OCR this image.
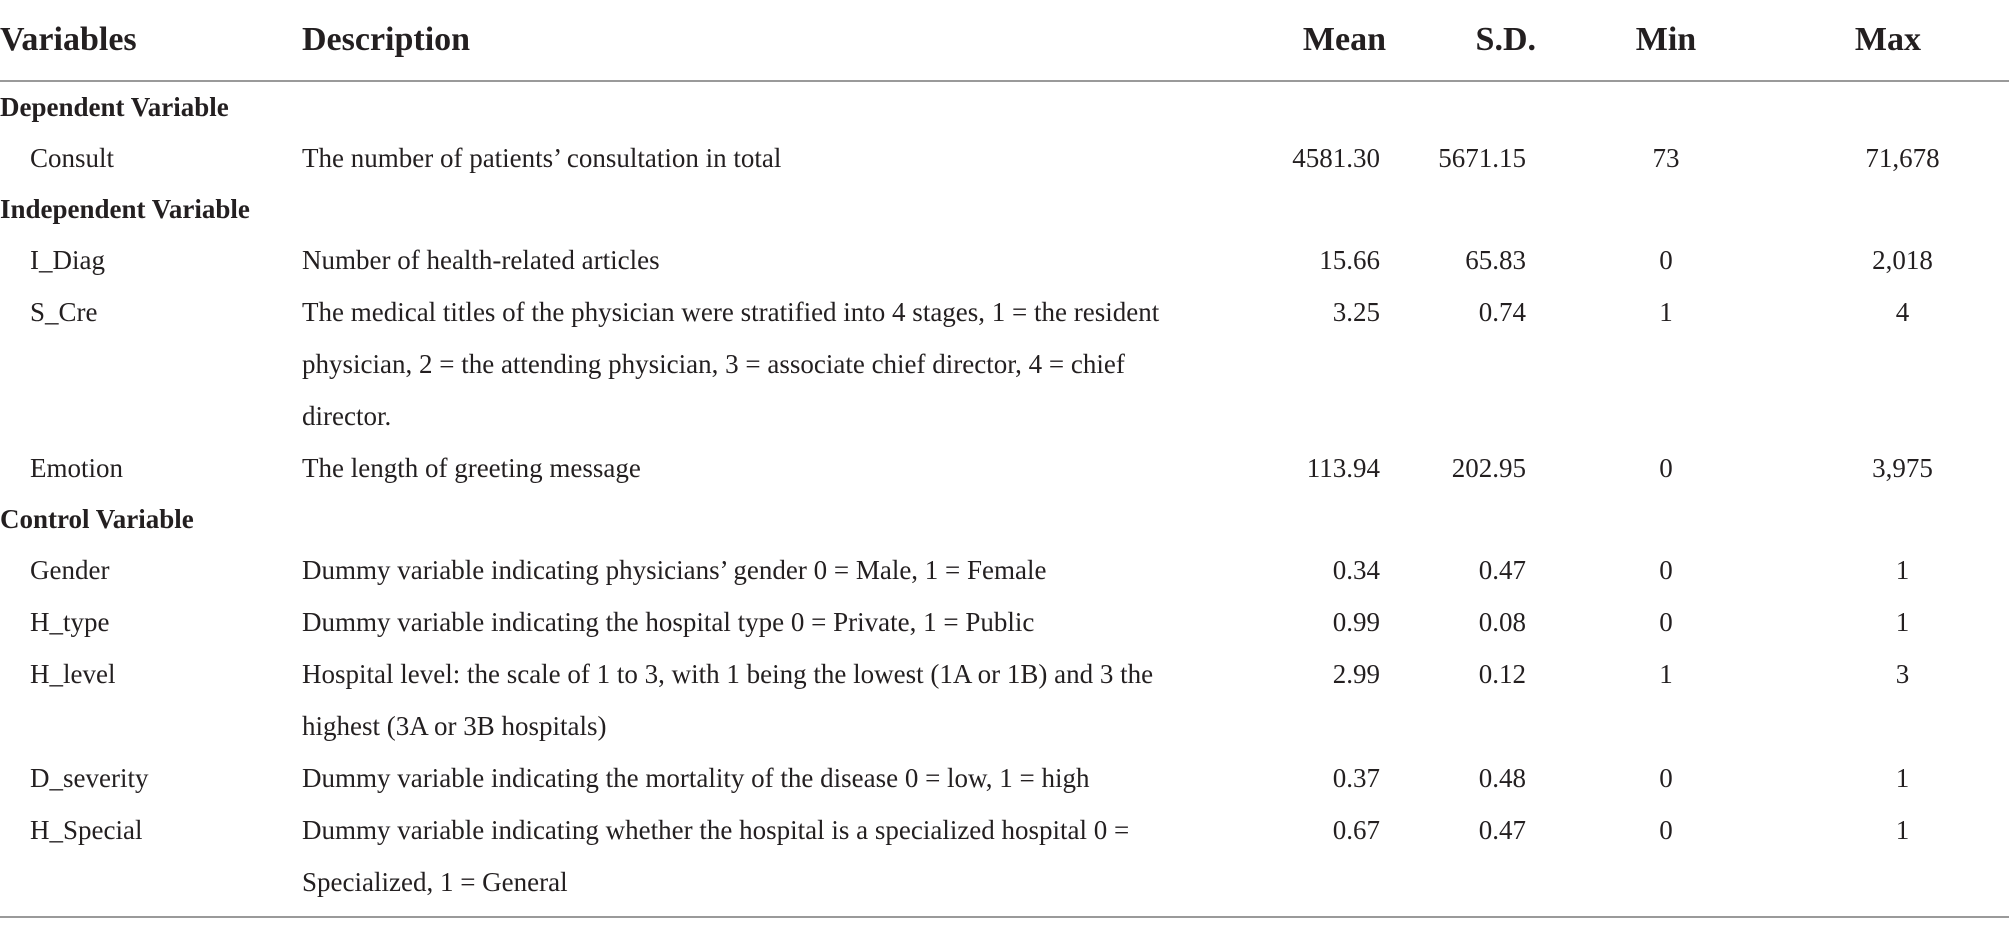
Variables	Description	Mean	S.D.	Min	Max
Dependent Variable					
Consult	The number of patients’ consultation in total	4581.30	5671.15	73	71,678
Independent Variable					
I_Diag	Number of health-related articles	15.66	65.83	0	2,018
S_Cre	The medical titles of the physician were stratified into 4 stages, 1 = the resident physician, 2 = the attending physician, 3 = associate chief director, 4 = chief director.	3.25	0.74	1	4
Emotion	The length of greeting message	113.94	202.95	0	3,975
Control Variable					
Gender	Dummy variable indicating physicians’ gender 0 = Male, 1 = Female	0.34	0.47	0	1
H_type	Dummy variable indicating the hospital type 0 = Private, 1 = Public	0.99	0.08	0	1
H_level	Hospital level: the scale of 1 to 3, with 1 being the lowest (1A or 1B) and 3 the highest (3A or 3B hospitals)	2.99	0.12	1	3
D_severity	Dummy variable indicating the mortality of the disease 0 = low, 1 = high	0.37	0.48	0	1
H_Special	Dummy variable indicating whether the hospital is a specialized hospital 0 = Specialized, 1 = General	0.67	0.47	0	1
